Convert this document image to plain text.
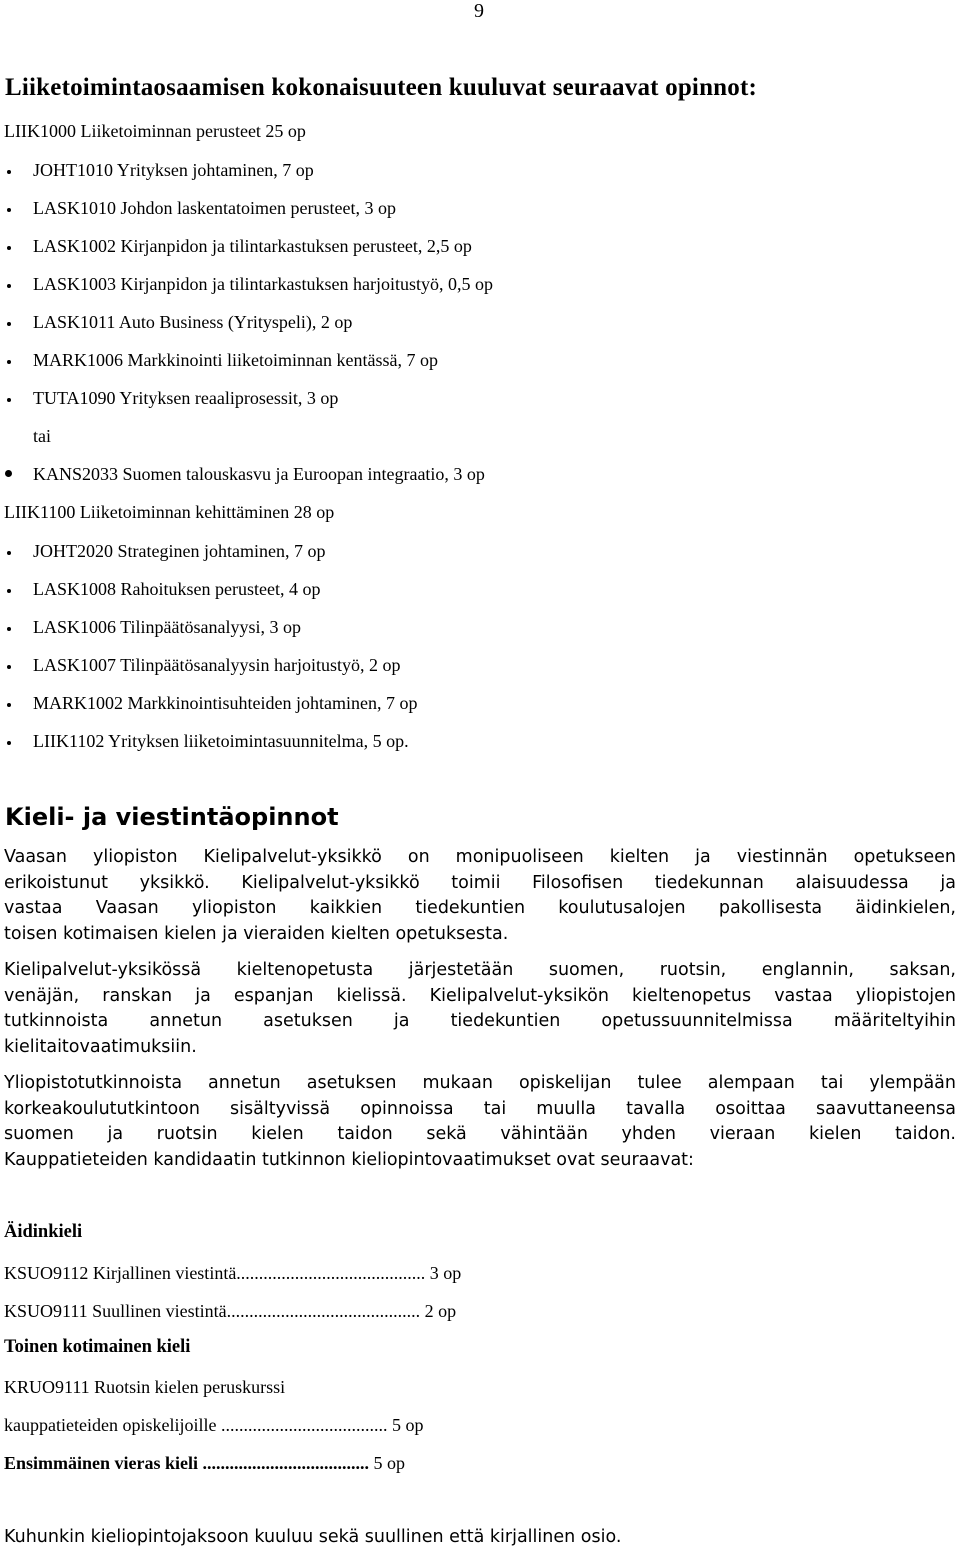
9
Liiketoimintaosaamisen kokonaisuuteen kuuluvat seuraavat opinnot:
LIIK1000 Liiketoiminnan perusteet 25 op
JOHT1010 Yrityksen johtaminen, 7 op
LASK1010 Johdon laskentatoimen perusteet, 3 op
LASK1002 Kirjanpidon ja tilintarkastuksen perusteet, 2,5 op
LASK1003 Kirjanpidon ja tilintarkastuksen harjoitustyö, 0,5 op
LASK1011 Auto Business (Yrityspeli), 2 op
MARK1006 Markkinointi liiketoiminnan kentässä, 7 op
TUTA1090 Yrityksen reaaliprosessit, 3 op
tai
KANS2033 Suomen talouskasvu ja Euroopan integraatio, 3 op
LIIK1100 Liiketoiminnan kehittäminen 28 op
JOHT2020 Strateginen johtaminen, 7 op
LASK1008 Rahoituksen perusteet, 4 op
LASK1006 Tilinpäätösanalyysi, 3 op
LASK1007 Tilinpäätösanalyysin harjoitustyö, 2 op
MARK1002 Markkinointisuhteiden johtaminen, 7 op
LIIK1102 Yrityksen liiketoimintasuunnitelma, 5 op.
Kieli- ja viestintäopinnot
Vaasan yliopiston Kielipalvelut-yksikkö on monipuoliseen kielten ja viestinnän opetukseen
erikoistunut yksikkö. Kielipalvelut-yksikkö toimii Filosofisen tiedekunnan alaisuudessa ja
vastaa Vaasan yliopiston kaikkien tiedekuntien koulutusalojen pakollisesta äidinkielen,
toisen kotimaisen kielen ja vieraiden kielten opetuksesta.
Kielipalvelut-yksikössä kieltenopetusta järjestetään suomen, ruotsin, englannin, saksan,
venäjän, ranskan ja espanjan kielissä. Kielipalvelut-yksikön kieltenopetus vastaa yliopistojen
tutkinnoista annetun asetuksen ja tiedekuntien opetussuunnitelmissa määriteltyihin
kielitaitovaatimuksiin.
Yliopistotutkinnoista annetun asetuksen mukaan opiskelijan tulee alempaan tai ylempään
korkeakoulututkintoon sisältyvissä opinnoissa tai muulla tavalla osoittaa saavuttaneensa
suomen ja ruotsin kielen taidon sekä vähintään yhden vieraan kielen taidon.
Kauppatieteiden kandidaatin tutkinnon kieliopintovaatimukset ovat seuraavat:
Äidinkieli
KSUO9112 Kirjallinen viestintä.......................................... 3 op
KSUO9111 Suullinen viestintä........................................... 2 op
Toinen kotimainen kieli
KRUO9111 Ruotsin kielen peruskurssi
kauppatieteiden opiskelijoille ..................................... 5 op
Ensimmäinen vieras kieli ..................................... 5 op
Kuhunkin kieliopintojaksoon kuuluu sekä suullinen että kirjallinen osio.
